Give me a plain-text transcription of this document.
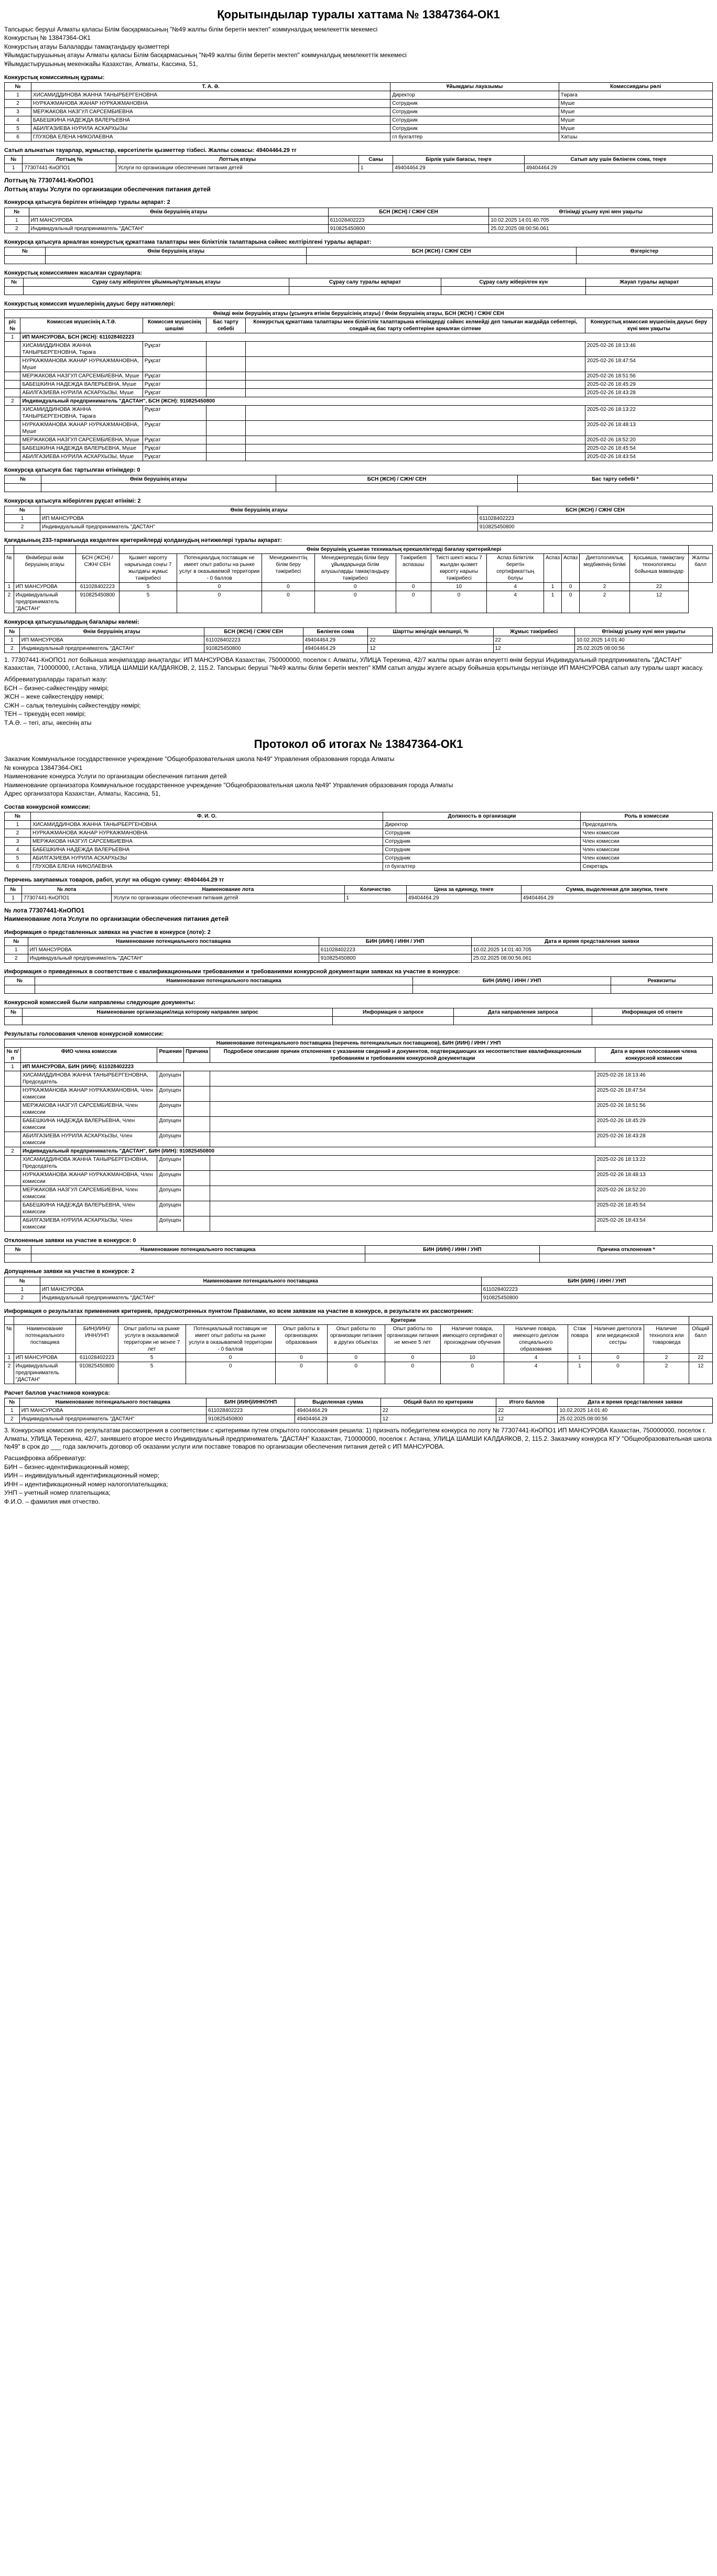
Қорытындылар туралы хаттама № 13847364-ОК1
Тапсырыс беруші Алматы қаласы Білім басқармасының "№49 жалпы білім беретін мектеп" коммуналдық мемлекеттік мекемесі
Конкурстың № 13847364-ОК1
Конкурстың атауы Балаларды тамақтандыру қызметтері
Ұйымдастырушының атауы Алматы қаласы Білім басқармасының "№49 жалпы білім беретін мектеп" коммуналдық мемлекеттік мекемесі
Ұйымдастырушының мекенжайы Казахстан, Алматы, Кассина, 51,
Конкурстық комиссияның құрамы:
№	Т. А. Ә.	Ұйымдағы лауазымы	Комиссиядағы рөлі
1	ХИСАМИДДИНОВА ЖАННА ТАНЫРБЕРГЕНОВНА	Директор	Төраға
2	НУРКАЖМАНОВА ЖАНАР НУРКАЖМАНОВНА	Сотрудник	Мүше
3	МЕРЖАКОВА НАЗГУЛ САРСЕМБИЕВНА	Сотрудник	Мүше
4	БАБЕШКИНА НАДЕЖДА ВАЛЕРЬЕВНА	Сотрудник	Мүше
5	АБИЛГАЗИЕВА НУРИЛА АСКАРХЫЗЫ	Сотрудник	Мүше
6	ГЛУХОВА ЕЛЕНА НИКОЛАЕВНА	гл бухгалтер	Хатшы
Сатып алынатын тауарлар, жұмыстар, көрсетілетін қызметтер тізбесі. Жалпы сомасы: 49404464.29 тг
№	Лоттың №	Лоттың атауы	Саны	Бірлік үшін бағасы, теңге	Сатып алу үшін бөлінген сома, теңге
1	77307441-КнОПО1	Услуги по организации обеспечения питания детей	1	49404464.29	49404464.29
Лоттың № 77307441-КнОПО1
Лоттың атауы Услуги по организации обеспечения питания детей
Конкурсқа қатысуға берілген өтінімдер туралы ақпарат: 2
№	Өнім берушінің атауы	БСН (ЖСН) / СЖН/ СЕН	Өтінімді ұсыну күні мен уақыты
1	ИП МАНСУРОВА	611028402223	10.02.2025 14:01:40.705
2	Индивидуальный предприниматель "ДАСТАН"	910825450800	25.02.2025 08:00:56.061
Конкурсқа қатысуға арналған конкурстық құжаттама талаптары мен біліктілік талаптарына сәйкес келтірілгені туралы ақпарат:
№	Өнім берушінің атауы	БСН (ЖСН) / СЖН/ СЕН	Өзгерістер

Конкурстық комиссиямен жасалған сұрауларға:
№	Сұрау салу жіберілген ұйымның/тұлғаның атауы	Сұрау салу туралы ақпарат	Сұрау салу жіберілген күн	Жауап туралы ақпарат

Конкурстық комиссия мүшелерінің дауыс беру нәтижелері:
Өнімді өнім берушінің атауы (ұсынуға өтінім берушісінің атауы) / Өнім берушінің атауы, БСН (ЖСН) / СЖН/ СЕН					
р/с №	Комиссия мүшесінің А.Т.Ә.	Комиссия мүшесінің шешімі	Бас тарту себебі	Конкурстық құжаттама талаптары мен біліктілік талаптарына өтінімдерді сәйкес келмейді деп таныған жағдайда себептері, сондай-ақ бас тарту себептеріне арналған сілтеме	Конкурстық комиссия мүшесінің дауыс беру күні мен уақыты
1	ИП МАНСУРОВА, БСН (ЖСН): 611028402223				
	ХИСАМИДДИНОВА ЖАННА ТАНЫРБЕРГЕНОВНА, Төраға	Рұқсат			2025-02-26 18:13:46
	НУРКАЖМАНОВА ЖАНАР НУРКАЖМАНОВНА, Мүше	Рұқсат			2025-02-26 18:47:54
	МЕРЖАКОВА НАЗГУЛ САРСЕМБИЕВНА, Мүше	Рұқсат			2025-02-26 18:51:56
	БАБЕШКИНА НАДЕЖДА ВАЛЕРЬЕВНА, Мүше	Рұқсат			2025-02-26 18:45:29
	АБИЛГАЗИЕВА НУРИЛА АСКАРХЫЗЫ, Мүше	Рұқсат			2025-02-26 18:43:28
2	Индивидуальный предприниматель "ДАСТАН", БСН (ЖСН): 910825450800				
	ХИСАМИДДИНОВА ЖАННА ТАНЫРБЕРГЕНОВНА, Төраға	Рұқсат			2025-02-26 18:13:22
	НУРКАЖМАНОВА ЖАНАР НУРКАЖМАНОВНА, Мүше	Рұқсат			2025-02-26 18:48:13
	МЕРЖАКОВА НАЗГУЛ САРСЕМБИЕВНА, Мүше	Рұқсат			2025-02-26 18:52:20
	БАБЕШКИНА НАДЕЖДА ВАЛЕРЬЕВНА, Мүше	Рұқсат			2025-02-26 18:45:54
	АБИЛГАЗИЕВА НУРИЛА АСКАРХЫЗЫ, Мүше	Рұқсат			2025-02-26 18:43:54
Конкурсқа қатысуға бас тартылған өтінімдер: 0
№	Өнім берушінің атауы	БСН (ЖСН) / СЖН/ СЕН	Бас тарту себебі *

Конкурсқа қатысуға жіберілген рұқсат өтінімі: 2
№	Өнім берушінің атауы	БСН (ЖСН) / СЖН/ СЕН
1	ИП МАНСУРОВА	611028402223
2	Индивидуальный предприниматель "ДАСТАН"	910825450800
Қағидаының 233-тармағында көзделген критерийлерді қолданудың нәтижелері туралы ақпарат:
			Өнім берушінің ұсынған техникалық ерекшеліктерді бағалау критерийлері											
№	Өнімберші өнім берушінің атауы	БСН (ЖСН) / СЖН/ СЕН	Қызмет көрсету нарығында соңғы 7 жылдағы жұмыс тәжірибесі	Потенциалдық поставщик не имеет опыт работы на рынке услуг в оказываемой территории - 0 баллов	Менеджменттің білім беру тәжірибесі	Менеджерлердің білім беру ұйымдарында білім алушыларды тамақтандыру тәжірибесі	Тәжірибелі аспазшы	Тиісті шекті жасы 7 жылдан қызмет көрсету нарығы тәжірибесі	Аспаз біліктілік беретін сертификаттың болуы	Аспаз	Аспаз	Диетологиялық медбикенің білімі	Қосымша, тамақтану технологиясы бойынша мамандар	Жалпы балл
1	ИП МАНСУРОВА	611028402223	5	0	0	0	0	10	4	1	0	2	22	
2	Индивидуальный предприниматель "ДАСТАН"	910825450800	5	0	0	0	0	0	4	1	0	2	12	
Конкурсқа қатысушылардың бағалары көлемі:
№	Өнім берушінің атауы	БСН (ЖСН) / СЖН/ СЕН	Бөлінген сома	Шартты жеңілдік мөлшері, %	Жұмыс тәжірибесі	Өтінімді ұсыну күні мен уақыты
1	ИП МАНСУРОВА	611028402223	49404464.29	22	22	10.02.2025 14:01:40
2	Индивидуальный предприниматель "ДАСТАН"	910825450800	49404464.29	12	12	25.02.2025 08:00:56
1. 77307441-КнОПО1 лот бойынша жеңімпаздар анықталды: ИП МАНСУРОВА Казахстан, 750000000, поселок г. Алматы, УЛИЦА Терехина, 42/7 жалпы орын алған өлеуетті өнім беруші Индивидуальный предприниматель "ДАСТАН" Казахстан, 710000000, г.Астана, УЛИЦА ШАМШИ КАЛДАЯКОВ, 2, 115.2. Тапсырыс беруші "№49 жалпы білім беретін мектеп" КММ сатып алуды жүзеге асыру бойынша қорытынды негізінде ИП МАНСУРОВА сатып алу туралы шарт жасасу.
Аббревиатураларды таратып жазу:
БСН – бизнес-сәйкестендіру нөмірі;
ЖСН – жеке сәйкестендіру нөмірі;
СЖН – салық төлеушінің сәйкестендіру нөмірі;
ТЕН – тіркеудің есеп нөмірі;
Т.А.Ә. – тегі, аты, әкесінің аты
Протокол об итогах № 13847364-ОК1
Заказчик Коммунальное государственное учреждение "Общеобразовательная школа №49" Управления образования города Алматы
№ конкурса 13847364-ОК1
Наименование конкурса Услуги по организации обеспечения питания детей
Наименование организатора Коммунальное государственное учреждение "Общеобразовательная школа №49" Управления образования города Алматы
Адрес организатора Казахстан, Алматы, Кассина, 51,
Состав конкурсной комиссии:
№	Ф. И. О.	Должность в организации	Роль в комиссии
1	ХИСАМИДДИНОВА ЖАННА ТАНЫРБЕРГЕНОВНА	Директор	Председатель
2	НУРКАЖМАНОВА ЖАНАР НУРКАЖМАНОВНА	Сотрудник	Член комиссии
3	МЕРЖАКОВА НАЗГУЛ САРСЕМБИЕВНА	Сотрудник	Член комиссии
4	БАБЕШКИНА НАДЕЖДА ВАЛЕРЬЕВНА	Сотрудник	Член комиссии
5	АБИЛГАЗИЕВА НУРИЛА АСКАРХЫЗЫ	Сотрудник	Член комиссии
6	ГЛУХОВА ЕЛЕНА НИКОЛАЕВНА	гл бухгалтер	Секретарь
Перечень закупаемых товаров, работ, услуг на общую сумму: 49404464.29 тг
№	№ лота	Наименование лота	Количество	Цена за единицу, тенге	Сумма, выделенная для закупки, тенге
1	77307441-КнОПО1	Услуги по организации обеспечения питания детей	1	49404464.29	49404464.29
№ лота 77307441-КнОПО1
Наименование лота Услуги по организации обеспечения питания детей
Информация о представленных заявках на участие в конкурсе (лоте): 2
№	Наименование потенциального поставщика	БИН (ИИН) / ИНН / УНП	Дата и время представления заявки
1	ИП МАНСУРОВА	611028402223	10.02.2025 14:01:40.705
2	Индивидуальный предприниматель "ДАСТАН"	910825450800	25.02.2025 08:00:56.061
Информация о приведенных в соответствие с квалификационными требованиями и требованиями конкурсной документации заявках на участие в конкурсе:
№	Наименование потенциального поставщика	БИН (ИИН) / ИНН / УНП	Реквизиты

Конкурсной комиссией были направлены следующие документы:
№	Наименование организации/лица которому направлен запрос	Информация о запросе	Дата направления запроса	Информация об ответе

Результаты голосования членов конкурсной комиссии:
Наименование потенциального поставщика (перечень потенциальных поставщиков), БИН (ИИН) / ИНН / УНП					
№ п/п	ФИО члена комиссии	Решение	Причина	Подробное описание причин отклонения с указанием сведений и документов, подтверждающих их несоответствие квалификационным требованиям и требованиям конкурсной документации	Дата и время голосования члена конкурсной комиссии
1	ИП МАНСУРОВА, БИН (ИИН): 611028402223				
	ХИСАМИДДИНОВА ЖАННА ТАНЫРБЕРГЕНОВНА, Председатель	Допущен			2025-02-26 18:13:46
	НУРКАЖМАНОВА ЖАНАР НУРКАЖМАНОВНА, Член комиссии	Допущен			2025-02-26 18:47:54
	МЕРЖАКОВА НАЗГУЛ САРСЕМБИЕВНА, Член комиссии	Допущен			2025-02-26 18:51:56
	БАБЕШКИНА НАДЕЖДА ВАЛЕРЬЕВНА, Член комиссии	Допущен			2025-02-26 18:45:29
	АБИЛГАЗИЕВА НУРИЛА АСКАРХЫЗЫ, Член комиссии	Допущен			2025-02-26 18:43:28
2	Индивидуальный предприниматель "ДАСТАН", БИН (ИИН): 910825450800				
	ХИСАМИДДИНОВА ЖАННА ТАНЫРБЕРГЕНОВНА, Председатель	Допущен			2025-02-26 18:13:22
	НУРКАЖМАНОВА ЖАНАР НУРКАЖМАНОВНА, Член комиссии	Допущен			2025-02-26 18:48:13
	МЕРЖАКОВА НАЗГУЛ САРСЕМБИЕВНА, Член комиссии	Допущен			2025-02-26 18:52:20
	БАБЕШКИНА НАДЕЖДА ВАЛЕРЬЕВНА, Член комиссии	Допущен			2025-02-26 18:45:54
	АБИЛГАЗИЕВА НУРИЛА АСКАРХЫЗЫ, Член комиссии	Допущен			2025-02-26 18:43:54
Отклоненные заявки на участие в конкурсе: 0
№	Наименование потенциального поставщика	БИН (ИИН) / ИНН / УНП	Причина отклонения *

Допущенные заявки на участие в конкурсе: 2
№	Наименование потенциального поставщика	БИН (ИИН) / ИНН / УНП
1	ИП МАНСУРОВА	611028402223
2	Индивидуальный предприниматель "ДАСТАН"	910825450800
Информация о результатах применения критериев, предусмотренных пунктом Правилами, ко всем заявкам на участие в конкурсе, в результате их рассмотрения:
			Критерии										
№	Наименование потенциального поставщика	БИН(ИИН)/ИНН/УНП	Опыт работы на рынке услуги в оказываемой территории не менее 7 лет	Потенциальный поставщик не имеет опыт работы на рынке услуги в оказываемой территории - 0 баллов	Опыт работы в организациях образования	Опыт работы по организации питания в других объектах	Опыт работы по организации питания не менее 5 лет	Наличие повара, имеющего сертификат о прохождении обучения	Наличие повара, имеющего диплом специального образования	Стаж повара	Наличие диетолога или медицинской сестры	Наличие технолога или товароведа	Общий балл
1	ИП МАНСУРОВА	611028402223	5	0	0	0	0	10	4	1	0	2	22
2	Индивидуальный предприниматель "ДАСТАН"	910825450800	5	0	0	0	0	0	4	1	0	2	12
Расчет баллов участников конкурса:
№	Наименование потенциального поставщика	БИН (ИИН)/ИНН/УНП	Выделенная сумма	Общий балл по критериям	Итого баллов	Дата и время представления заявки
1	ИП МАНСУРОВА	611028402223	49404464.29	22	22	10.02.2025 14:01:40
2	Индивидуальный предприниматель "ДАСТАН"	910825450800	49404464.29	12	12	25.02.2025 08:00:56
3. Конкурсная комиссия по результатам рассмотрения в соответствии с критериями путем открытого голосования решила: 1) признать победителем конкурса по лоту № 77307441-КнОПО1 ИП МАНСУРОВА Казахстан, 750000000, поселок г. Алматы, УЛИЦА Терехина, 42/7, занявшего второе место Индивидуальный предприниматель "ДАСТАН" Казахстан, 710000000, поселок г. Астана, УЛИЦА ШАМШИ КАЛДАЯКОВ, 2, 115.2. Заказчику конкурса КГУ "Общеобразовательная школа №49" в срок до ___ года заключить договор об оказании услуги или поставке товаров по организации обеспечения питания детей с ИП МАНСУРОВА.
Расшифровка аббревиатур:
БИН – бизнес-идентификационный номер;
ИИН – индивидуальный идентификационный номер;
ИНН – идентификационный номер налогоплательщика;
УНП – учетный номер плательщика;
Ф.И.О. – фамилия имя отчество.
